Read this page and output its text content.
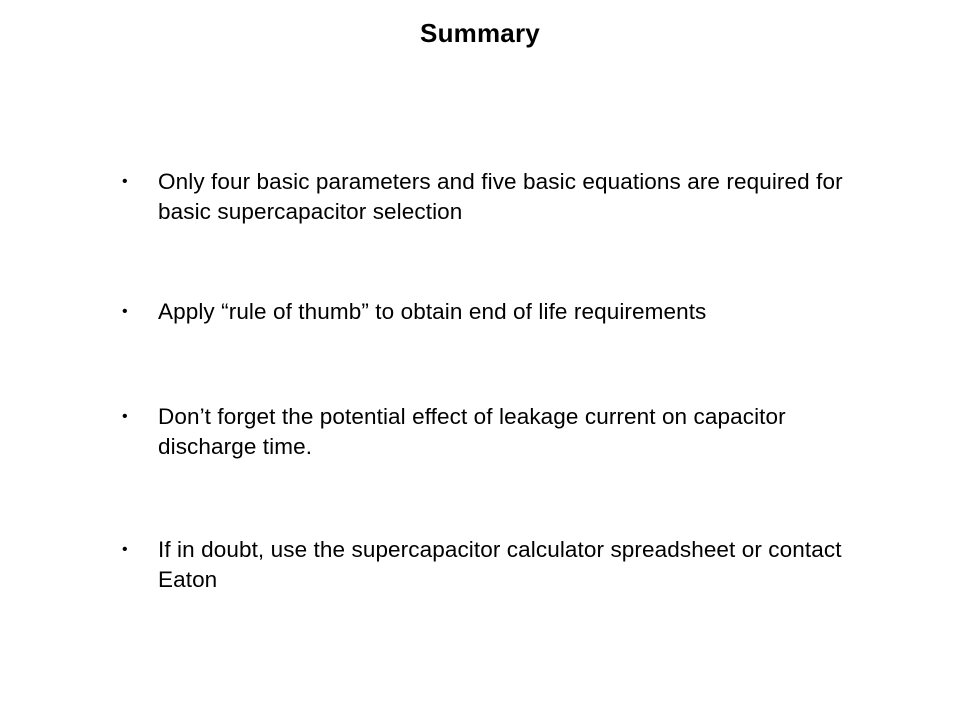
Summary
•	Only four basic parameters and five basic equations are required for basic supercapacitor selection
•	Apply “rule of thumb” to obtain end of life requirements
•	Don’t forget the potential effect of leakage current on capacitor discharge time.
•	If in doubt, use the supercapacitor calculator spreadsheet or contact Eaton
